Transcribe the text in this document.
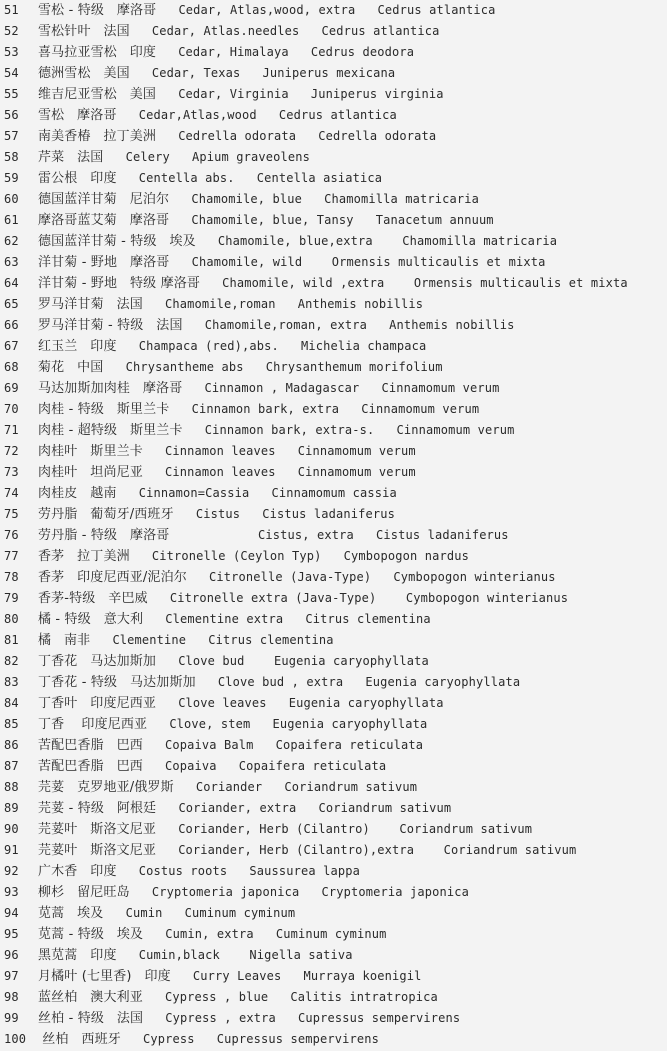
51 雪松 - 特级   摩洛哥 Cedar, Atlas,wood, extra   Cedrus atlantica
52 雪松针叶   法国 Cedar, Atlas.needles   Cedrus atlantica
53 喜马拉亚雪松   印度 Cedar, Himalaya   Cedrus deodora
54 德洲雪松   美国 Cedar, Texas   Juniperus mexicana
55 维吉尼亚雪松   美国 Cedar, Virginia   Juniperus virginia
56 雪松   摩洛哥 Cedar,Atlas,wood   Cedrus atlantica
57 南美香椿   拉丁美洲 Cedrella odorata   Cedrella odorata
58 芹菜   法国 Celery   Apium graveolens
59 雷公根   印度 Centella abs.   Centella asiatica
60 德国蓝洋甘菊   尼泊尔 Chamomile, blue   Chamomilla matricaria
61 摩洛哥蓝艾菊   摩洛哥 Chamomile, blue, Tansy   Tanacetum annuum
62 德国蓝洋甘菊 - 特级   埃及 Chamomile, blue,extra    Chamomilla matricaria
63 洋甘菊 - 野地   摩洛哥 Chamomile, wild    Ormensis multicaulis et mixta
64 洋甘菊 - 野地   特级 摩洛哥 Chamomile, wild ,extra    Ormensis multicaulis et mixta
65 罗马洋甘菊   法国 Chamomile,roman   Anthemis nobillis
66 罗马洋甘菊 - 特级   法国 Chamomile,roman, extra   Anthemis nobillis
67 红玉兰   印度 Champaca (red),abs.   Michelia champaca
68 菊花   中国 Chrysantheme abs   Chrysanthemum morifolium
69 马达加斯加肉桂   摩洛哥 Cinnamon , Madagascar   Cinnamomum verum
70 肉桂 - 特级   斯里兰卡 Cinnamon bark, extra   Cinnamomum verum
71 肉桂 - 超特级   斯里兰卡 Cinnamon bark, extra-s.   Cinnamomum verum
72 肉桂叶   斯里兰卡 Cinnamon leaves   Cinnamomum verum
73 肉桂叶   坦尚尼亚 Cinnamon leaves   Cinnamomum verum
74 肉桂皮   越南 Cinnamon=Cassia   Cinnamomum cassia
75 劳丹脂   葡萄牙/西班牙 Cistus   Cistus ladaniferus
76 劳丹脂 - 特级   摩洛哥            Cistus, extra   Cistus ladaniferus
77 香茅   拉丁美洲 Citronelle (Ceylon Typ)   Cymbopogon nardus
78 香茅   印度尼西亚/泥泊尔 Citronelle (Java-Type)   Cymbopogon winterianus
79 香茅-特级   辛巴威 Citronelle extra (Java-Type)    Cymbopogon winterianus
80 橘 - 特级   意大利 Clementine extra   Citrus clementina
81 橘   南非 Clementine   Citrus clementina
82 丁香花   马达加斯加 Clove bud    Eugenia caryophyllata
83 丁香花 - 特级   马达加斯加 Clove bud , extra   Eugenia caryophyllata
84 丁香叶   印度尼西亚 Clove leaves   Eugenia caryophyllata
85 丁香    印度尼西亚 Clove, stem   Eugenia caryophyllata
86 苦配巴香脂   巴西 Copaiva Balm   Copaifera reticulata
87 苦配巴香脂   巴西 Copaiva   Copaifera reticulata
88 芫荽   克罗地亚/俄罗斯 Coriander   Coriandrum sativum
89 芫荽 - 特级   阿根廷 Coriander, extra   Coriandrum sativum
90 芫荽叶   斯洛文尼亚 Coriander, Herb (Cilantro)    Coriandrum sativum
91 芫荽叶   斯洛文尼亚 Coriander, Herb (Cilantro),extra    Coriandrum sativum
92 广木香   印度 Costus roots   Saussurea lappa
93 柳杉   留尼旺岛 Cryptomeria japonica   Cryptomeria japonica
94 苋蒿   埃及 Cumin   Cuminum cyminum
95 苋蒿 - 特级   埃及 Cumin, extra   Cuminum cyminum
96 黑苋蒿   印度 Cumin,black    Nigella sativa
97 月橘叶 (七里香)   印度 Curry Leaves   Murraya koenigil
98 蓝丝柏   澳大利亚 Cypress , blue   Calitis intratropica
99 丝柏 - 特级   法国 Cypress , extra   Cupressus sempervirens
100 丝柏   西班牙 Cypress   Cupressus sempervirens
